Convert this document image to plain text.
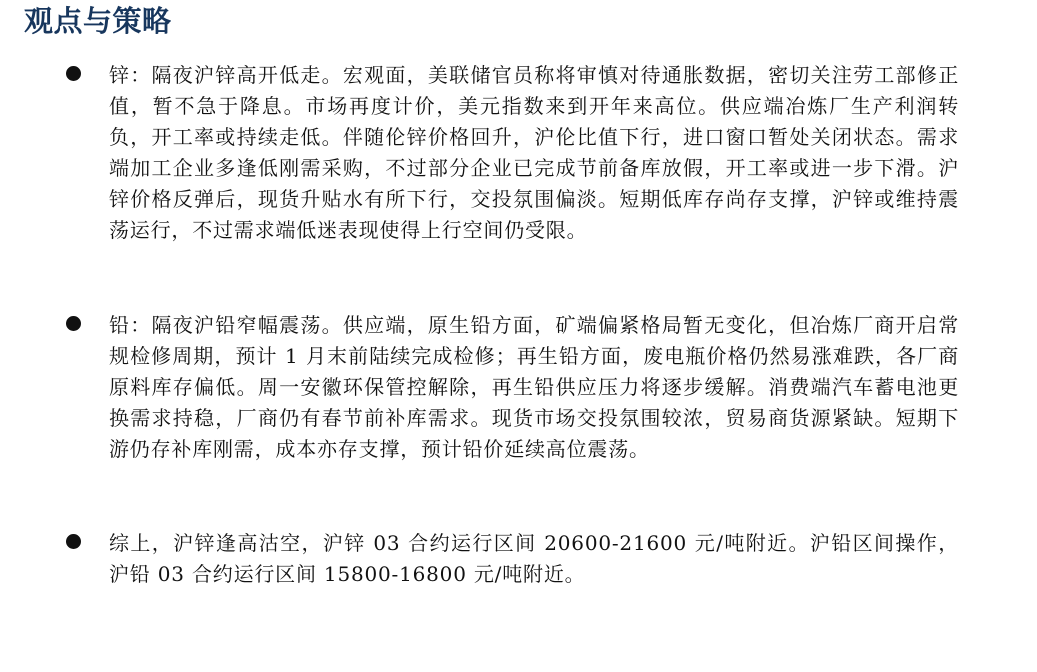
观点与策略

锌：隔夜沪锌高开低走。宏观面，美联储官员称将审慎对待通胀数据，密切关注劳工部修正值，暂不急于降息。市场再度计价，美元指数来到开年来高位。供应端冶炼厂生产利润转负，开工率或持续走低。伴随伦锌价格回升，沪伦比值下行，进口窗口暂处关闭状态。需求端加工企业多逢低刚需采购，不过部分企业已完成节前备库放假，开工率或进一步下滑。沪锌价格反弹后，现货升贴水有所下行，交投氛围偏淡。短期低库存尚存支撑，沪锌或维持震荡运行，不过需求端低迷表现使得上行空间仍受限。

铅：隔夜沪铅窄幅震荡。供应端，原生铅方面，矿端偏紧格局暂无变化，但冶炼厂商开启常规检修周期，预计 1 月末前陆续完成检修；再生铅方面，废电瓶价格仍然易涨难跌，各厂商原料库存偏低。周一安徽环保管控解除，再生铅供应压力将逐步缓解。消费端汽车蓄电池更换需求持稳，厂商仍有春节前补库需求。现货市场交投氛围较浓，贸易商货源紧缺。短期下游仍存补库刚需，成本亦存支撑，预计铅价延续高位震荡。

综上，沪锌逢高沽空，沪锌 03 合约运行区间 20600-21600 元/吨附近。沪铅区间操作，沪铅 03 合约运行区间 15800-16800 元/吨附近。
